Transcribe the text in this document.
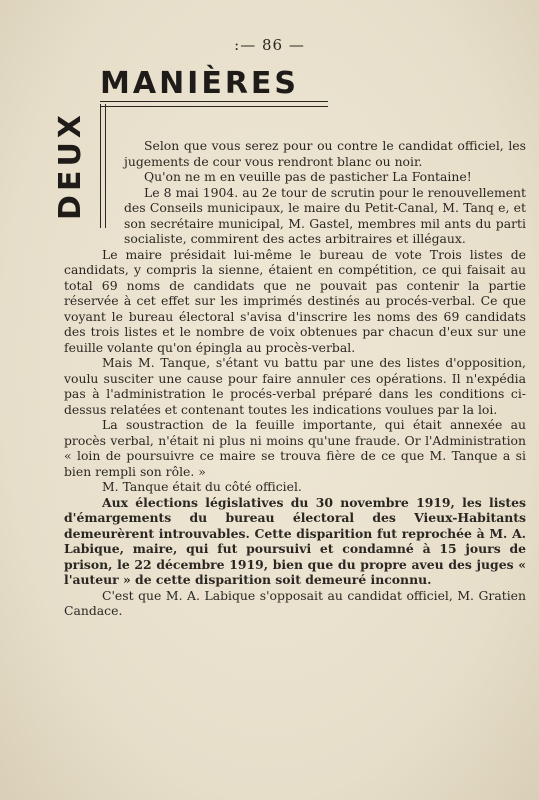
:— 86 —
MANIÈRES
DEUX	Selon que vous serez pour ou contre le candidat officiel, les jugements de cour vous rendront blanc ou noir.

Qu'on ne m en veuille pas de pasticher La Fontaine!

Le 8 mai 1904. au 2e tour de scrutin pour le renouvellement des Conseils municipaux, le maire du Petit-Canal, M. Tanq e, et son secrétaire municipal, M. Gastel, membres mil ants du parti socialiste, commirent des actes arbitraires et illégaux.

Le maire présidait lui-même le bureau de vote Trois listes de candidats, y compris la sienne, étaient en compétition, ce qui faisait au total 69 noms de candidats que ne pouvait pas contenir la partie réservée à cet effet sur les imprimés destinés au procés-verbal. Ce que voyant le bureau électoral s'avisa d'inscrire les noms des 69 candidats des trois listes et le nombre de voix obtenues par chacun d'eux sur une feuille volante qu'on épingla au procès-verbal.

Mais M. Tanque, s'étant vu battu par une des listes d'opposition, voulu susciter une cause pour faire annuler ces opérations. Il n'expédia pas à l'administration le procés-verbal préparé dans les conditions ci-dessus relatées et contenant toutes les indications voulues par la loi.

La soustraction de la feuille importante, qui était annexée au procès verbal, n'était ni plus ni moins qu'une fraude. Or l'Administration « loin de poursuivre ce maire se trouva fière de ce que M. Tanque a si bien rempli son rôle. »

M. Tanque était du côté officiel.

Aux élections législatives du 30 novembre 1919, les listes d'émargements du bureau électoral des Vieux-Habitants demeurèrent introuvables. Cette disparition fut reprochée à M. A. Labique, maire, qui fut poursuivi et condamné à 15 jours de prison, le 22 décembre 1919, bien que du propre aveu des juges « l'auteur » de cette disparition soit demeuré inconnu.

C'est que M. A. Labique s'opposait au candidat officiel, M. Gratien Candace.
